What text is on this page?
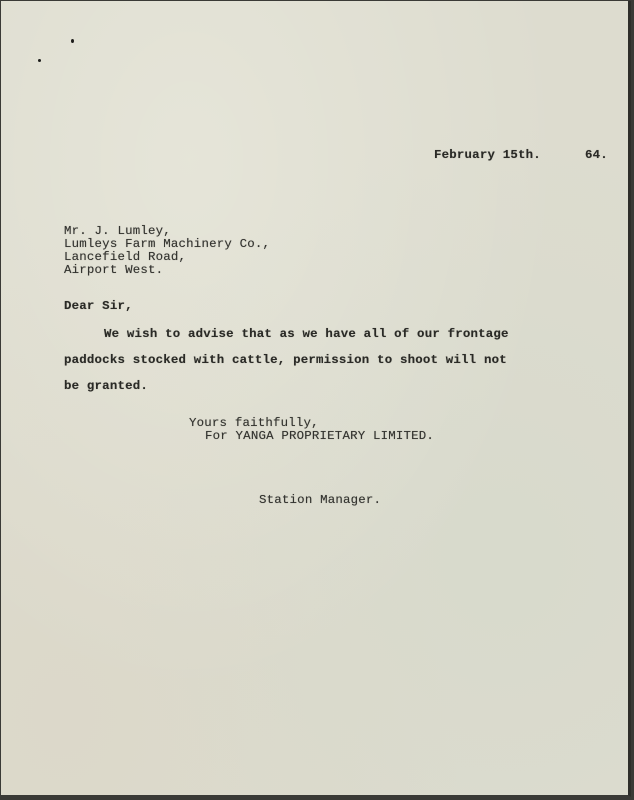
February 15th.	64.
Mr. J. Lumley,
Lumleys Farm Machinery Co.,
Lancefield Road,
Airport West.
Dear Sir,
We wish to advise that as we have all of our frontage
paddocks stocked with cattle, permission to shoot will not
be granted.
Yours faithfully,
For YANGA PROPRIETARY LIMITED.
Station Manager.
